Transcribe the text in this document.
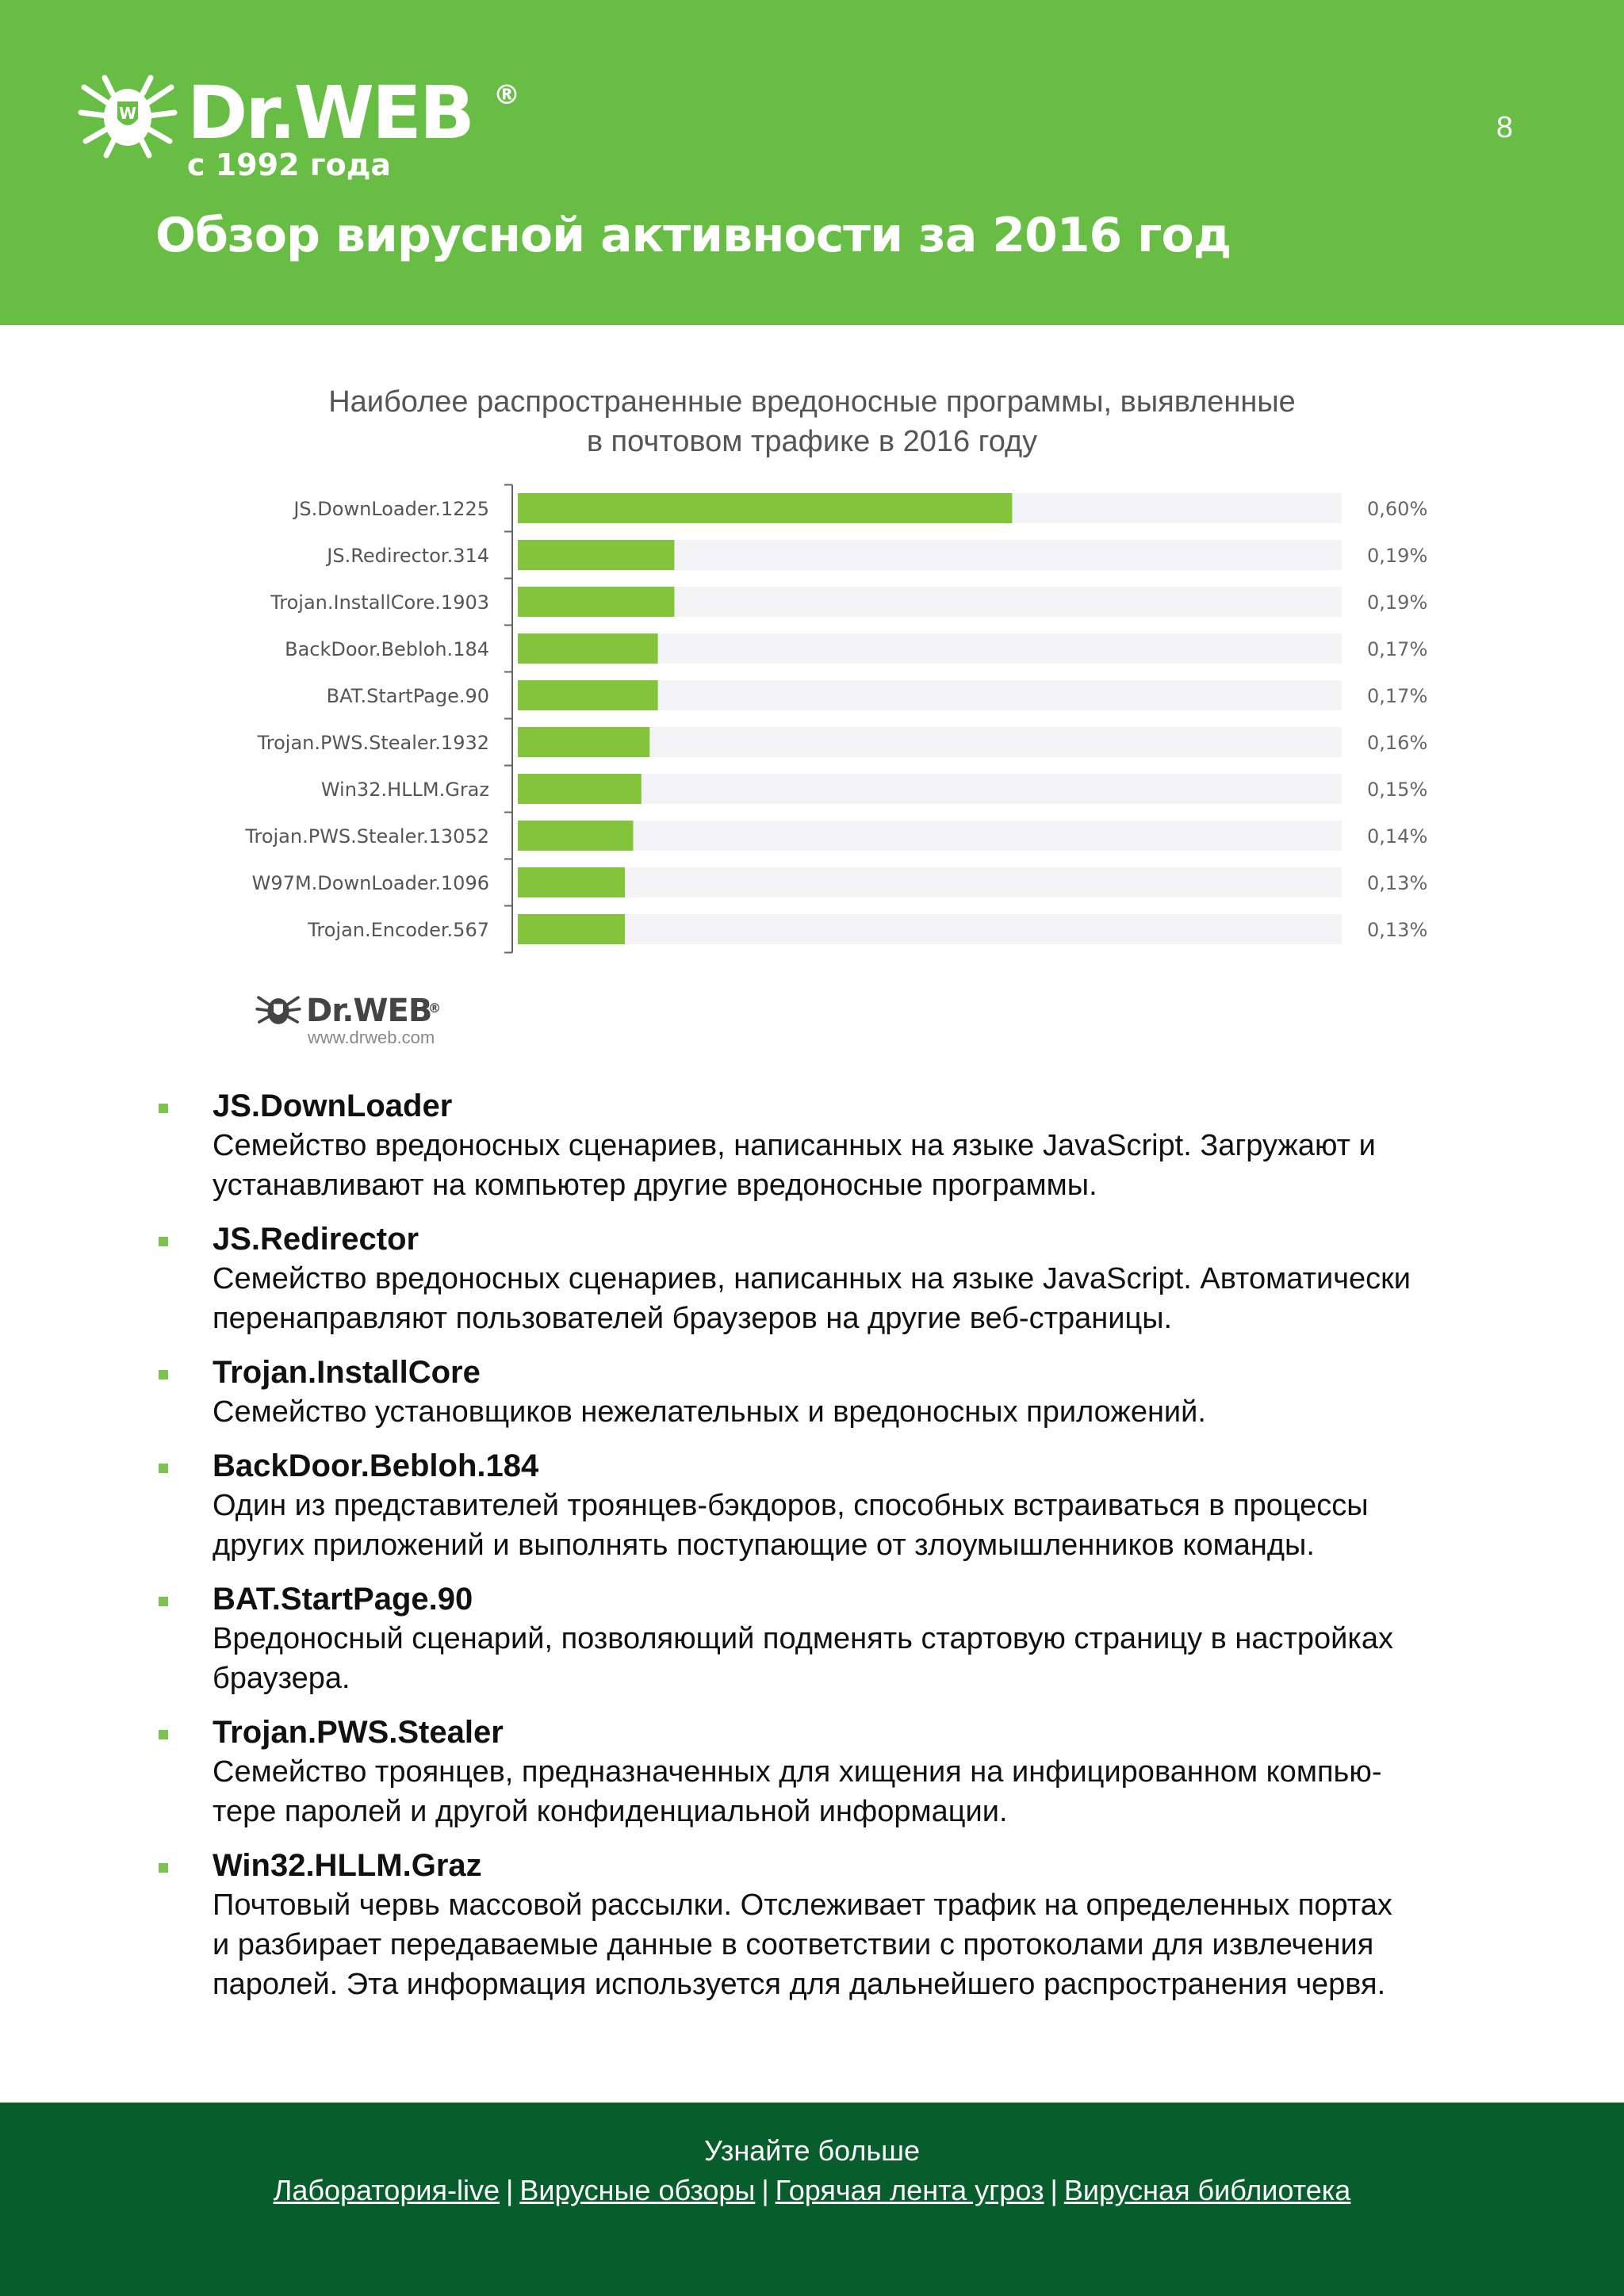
W Dr.WEB ®
с 1992 года
8
Обзор вирусной активности за 2016 год
Наиболее распространенные вредоносные программы, выявленные
в почтовом трафике в 2016 году
JS.DownLoader.1225	0,60%
JS.Redirector.314	0,19%
Trojan.InstallCore.1903	0,19%
BackDoor.Bebloh.184	0,17%
BAT.StartPage.90	0,17%
Trojan.PWS.Stealer.1932	0,16%
Win32.HLLM.Graz	0,15%
Trojan.PWS.Stealer.13052	0,14%
W97M.DownLoader.1096	0,13%
Trojan.Encoder.567	0,13%
Dr.WEB
®
www.drweb.com
JS.DownLoader
Семейство вредоносных сценариев, написанных на языке JavaScript. Загружают и
устанавливают на компьютер другие вредоносные программы.
JS.Redirector
Семейство вредоносных сценариев, написанных на языке JavaScript. Автоматически
перенаправляют пользователей браузеров на другие веб-страницы.
Trojan.InstallCore
Семейство установщиков нежелательных и вредоносных приложений.
BackDoor.Bebloh.184
Один из представителей троянцев-бэкдоров, способных встраиваться в процессы
других приложений и выполнять поступающие от злоумышленников команды.
BAT.StartPage.90
Вредоносный сценарий, позволяющий подменять стартовую страницу в настройках
браузера.
Trojan.PWS.Stealer
Семейство троянцев, предназначенных для хищения на инфицированном компью-
тере паролей и другой конфиденциальной информации.
Win32.HLLM.Graz
Почтовый червь массовой рассылки. Отслеживает трафик на определенных портах
и разбирает передаваемые данные в соответствии с протоколами для извлечения
паролей. Эта информация используется для дальнейшего распространения червя.
Узнайте больше
Лаборатория-live | Вирусные обзоры | Горячая лента угроз | Вирусная библиотека
